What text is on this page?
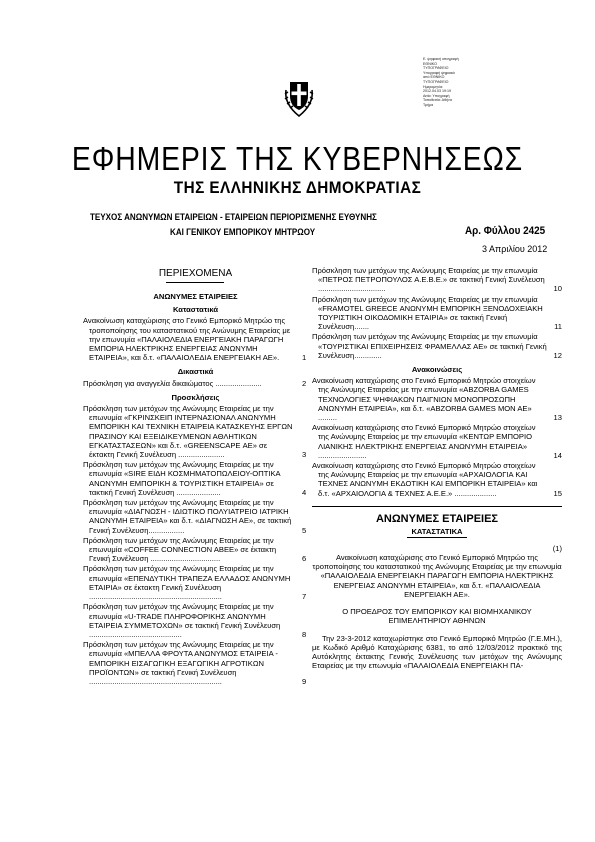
Ε. ψηφιακή υπογραφή
ΕΘΝΙΚΟ
ΤΥΠΟΓΡΑΦΕΙΟ
Υπογραφή ψηφιακά
από ΕΘΝΙΚΟ
ΤΥΠΟΓΡΑΦΕΙΟ
Ημερομηνία:
2012.04.03 19:19
Αιτία: Υπογραφή
Τοποθεσία: Αθήνα
Τμήμα
ΕΦΗΜΕΡΙΣ ΤΗΣ ΚΥΒΕΡΝΗΣΕΩΣ
ΤΗΣ ΕΛΛΗΝΙΚΗΣ ΔΗΜΟΚΡΑΤΙΑΣ
ΤΕΥΧΟΣ ΑΝΩΝΥΜΩΝ ΕΤΑΙΡΕΙΩΝ - ΕΤΑΙΡΕΙΩΝ ΠΕΡΙΟΡΙΣΜΕΝΗΣ ΕΥΘΥΝΗΣ
ΚΑΙ ΓΕΝΙΚΟΥ ΕΜΠΟΡΙΚΟΥ ΜΗΤΡΩΟΥ	Αρ. Φύλλου 2425
3 Απριλίου 2012
ΠΕΡΙΕΧΟΜΕΝΑ
ΑΝΩΝΥΜΕΣ ΕΤΑΙΡΕΙΕΣ
Καταστατικά
Ανακοίνωση καταχώρισης στο Γενικό Εμπορικό Μητρώο της τροποποίησης του καταστατικού της Ανώνυμης Εταιρείας με την επωνυμία «ΠΑΛΑΙΟΛΕΔΙΑ ΕΝΕΡΓΕΙΑΚΗ ΠΑΡΑΓΩΓΗ ΕΜΠΟΡΙΑ ΗΛΕΚΤΡΙΚΗΣ ΕΝΕΡΓΕΙΑΣ ΑΝΩΝΥΜΗ ΕΤΑΙΡΕΙΑ», και δ.τ. «ΠΑΛΑΙΟΛΕΔΙΑ ΕΝΕΡΓΕΙΑΚΗ ΑΕ».	1
Δικαστικά
Πρόσκληση για αναγγελία δικαιώματος ......................	2
Προσκλήσεις
Πρόσκληση των μετόχων της Ανώνυμης Εταιρείας με την επωνυμία «ΓΚΡΙΝΣΚΕΙΠ ΙΝΤΕΡΝΑΣΙΟΝΑΛ ΑΝΩΝΥΜΗ ΕΜΠΟΡΙΚΗ ΚΑΙ ΤΕΧΝΙΚΗ ΕΤΑΙΡΕΙΑ ΚΑΤΑΣΚΕΥΗΣ ΕΡΓΩΝ ΠΡΑΣΙΝΟΥ ΚΑΙ ΕΞΕΙΔΙΚΕΥΜΕΝΩΝ ΑΘΛΗΤΙΚΩΝ ΕΓΚΑΤΑΣΤΑΣΕΩΝ» και δ.τ. «GREENSCAPE ΑΕ» σε έκτακτη Γενική Συνέλευση ......................	3
Πρόσκληση των μετόχων της Ανώνυμης Εταιρείας με την επωνυμία «SIRE ΕΙΔΗ ΚΟΣΜΗΜΑΤΟΠΩΛΕΙΟΥ-ΟΠΤΙΚΑ ΑΝΩΝΥΜΗ ΕΜΠΟΡΙΚΗ & ΤΟΥΡΙΣΤΙΚΗ ΕΤΑΙΡΕΙΑ» σε τακτική Γενική Συνέλευση .....................	4
Πρόσκληση των μετόχων της Ανώνυμης Εταιρείας με την επωνυμία «ΔΙΑΓΝΩΣΗ - ΙΔΙΩΤΙΚΟ ΠΟΛΥΙΑΤΡΕΙΟ ΙΑΤΡΙΚΗ ΑΝΩΝΥΜΗ ΕΤΑΙΡΕΙΑ» και δ.τ. «ΔΙΑΓΝΩΣΗ ΑΕ», σε τακτική Γενική Συνέλευση.................	5
Πρόσκληση των μετόχων της Ανώνυμης Εταιρείας με την επωνυμία «COFFEE CONNECTION ABEE» σε έκτακτη Γενική Συνέλευση .................................	6
Πρόσκληση των μετόχων της Ανώνυμης Εταιρείας με την επωνυμία «ΕΠΕΝΔΥΤΙΚΗ ΤΡΑΠΕΖΑ ΕΛΛΑΔΟΣ ΑΝΩΝΥΜΗ ΕΤΑΙΡΙΑ» σε έκτακτη Γενική Συνέλευση ...............................................................	7
Πρόσκληση των μετόχων της Ανώνυμης Εταιρείας με την επωνυμία «U-TRADE ΠΛΗΡΟΦΟΡΙΚΗΣ ΑΝΩΝΥΜΗ ΕΤΑΙΡΕΙΑ ΣΥΜΜΕΤΟΧΩΝ» σε τακτική Γενική Συνέλευση ............................................	8
Πρόσκληση των μετόχων της Ανώνυμης Εταιρείας με την επωνυμία «ΜΠΕΛΛΑ ΦΡΟΥΤΑ ΑΝΩΝΥΜΟΣ ΕΤΑΙΡΕΙΑ - ΕΜΠΟΡΙΚΗ ΕΙΣΑΓΩΓΙΚΗ ΕΞΑΓΩΓΙΚΗ ΑΓΡΟΤΙΚΩΝ ΠΡΟΪΟΝΤΩΝ» σε τακτική Γενική Συνέλευση ...............................................................	9
Πρόσκληση των μετόχων της Ανώνυμης Εταιρείας με την επωνυμία «ΠΕΤΡΟΣ ΠΕΤΡΟΠΟΥΛΟΣ Α.Ε.Β.Ε.» σε τακτική Γενική Συνέλευση ................................	10
Πρόσκληση των μετόχων της Ανώνυμης Εταιρείας με την επωνυμία «FRAMOTEL GREECE ΑΝΩΝΥΜΗ ΕΜΠΟΡΙΚΗ ΞΕΝΟΔΟΧΕΙΑΚΗ ΤΟΥΡΙΣΤΙΚΗ ΟΙΚΟΔΟΜΙΚΗ ΕΤΑΙΡΙΑ» σε τακτική Γενική Συνέλευση.......	11
Πρόσκληση των μετόχων της Ανώνυμης Εταιρείας με την επωνυμία «ΤΟΥΡΙΣΤΙΚΑΙ ΕΠΙΧΕΙΡΗΣΕΙΣ ΦΡΑΜΕΛΛΑΣ ΑΕ» σε τακτική Γενική Συνέλευση.............	12
Ανακοινώσεις
Ανακοίνωση καταχώρισης στο Γενικό Εμπορικό Μητρώο στοιχείων της Ανώνυμης Εταιρείας με την επωνυμία «ABZORBA GAMES ΤΕΧΝΟΛΟΓΙΕΣ ΨΗΦΙΑΚΩΝ ΠΑΙΓΝΙΩΝ ΜΟΝΟΠΡΟΣΩΠΗ ΑΝΩΝΥΜΗ ΕΤΑΙΡΕΙΑ», και δ.τ. «ABZORBA GAMES MON AE» .........	13
Ανακοίνωση καταχώρισης στο Γενικό Εμπορικό Μητρώο στοιχείων της Ανώνυμης Εταιρείας με την επωνυμία «ΚΕΝΤΩΡ ΕΜΠΟΡΙΟ ΛΙΑΝΙΚΗΣ ΗΛΕΚΤΡΙΚΗΣ ΕΝΕΡΓΕΙΑΣ ΑΝΩΝΥΜΗ ΕΤΑΙΡΕΙΑ» .......................	14
Ανακοίνωση καταχώρισης στο Γενικό Εμπορικό Μητρώο στοιχείων της Ανώνυμης Εταιρείας με την επωνυμία «ΑΡΧΑΙΟΛΟΓΙΑ ΚΑΙ ΤΕΧΝΕΣ ΑΝΩΝΥΜΗ ΕΚΔΟΤΙΚΗ ΚΑΙ ΕΜΠΟΡΙΚΗ ΕΤΑΙΡΕΙΑ» και δ.τ. «ΑΡΧΑΙΟΛΟΓΙΑ & ΤΕΧΝΕΣ Α.Ε.Ε.» ....................	15
ΑΝΩΝΥΜΕΣ ΕΤΑΙΡΕΙΕΣ
ΚΑΤΑΣΤΑΤΙΚΑ
(1)
Ανακοίνωση καταχώρισης στο Γενικό Εμπορικό Μητρώο της τροποποίησης του καταστατικού της Ανώνυμης Εταιρείας με την επωνυμία «ΠΑΛΑΙΟΛΕΔΙΑ ΕΝΕΡΓΕΙΑΚΗ ΠΑΡΑΓΩΓΗ ΕΜΠΟΡΙΑ ΗΛΕΚΤΡΙΚΗΣ ΕΝΕΡΓΕΙΑΣ ΑΝΩΝΥΜΗ ΕΤΑΙΡΕΙΑ», και δ.τ. «ΠΑΛΑΙΟΛΕΔΙΑ ΕΝΕΡΓΕΙΑΚΗ ΑΕ».
Ο ΠΡΟΕΔΡΟΣ ΤΟΥ ΕΜΠΟΡΙΚΟΥ ΚΑΙ ΒΙΟΜΗΧΑΝΙΚΟΥ ΕΠΙΜΕΛΗΤΗΡΙΟΥ ΑΘΗΝΩΝ
Την 23-3-2012 καταχωρίστηκε στο Γενικό Εμπορικό Μητρώο (Γ.Ε.ΜΗ.), με Κωδικό Αριθμό Καταχώρισης 6381, το από 12/03/2012 πρακτικό της Αυτόκλητης έκτακτης Γενικής Συνέλευσης των μετόχων της Ανώνυμης Εταιρείας με την επωνυμία «ΠΑΛΑΙΟΛΕΔΙΑ ΕΝΕΡΓΕΙΑΚΗ ΠΑ-
